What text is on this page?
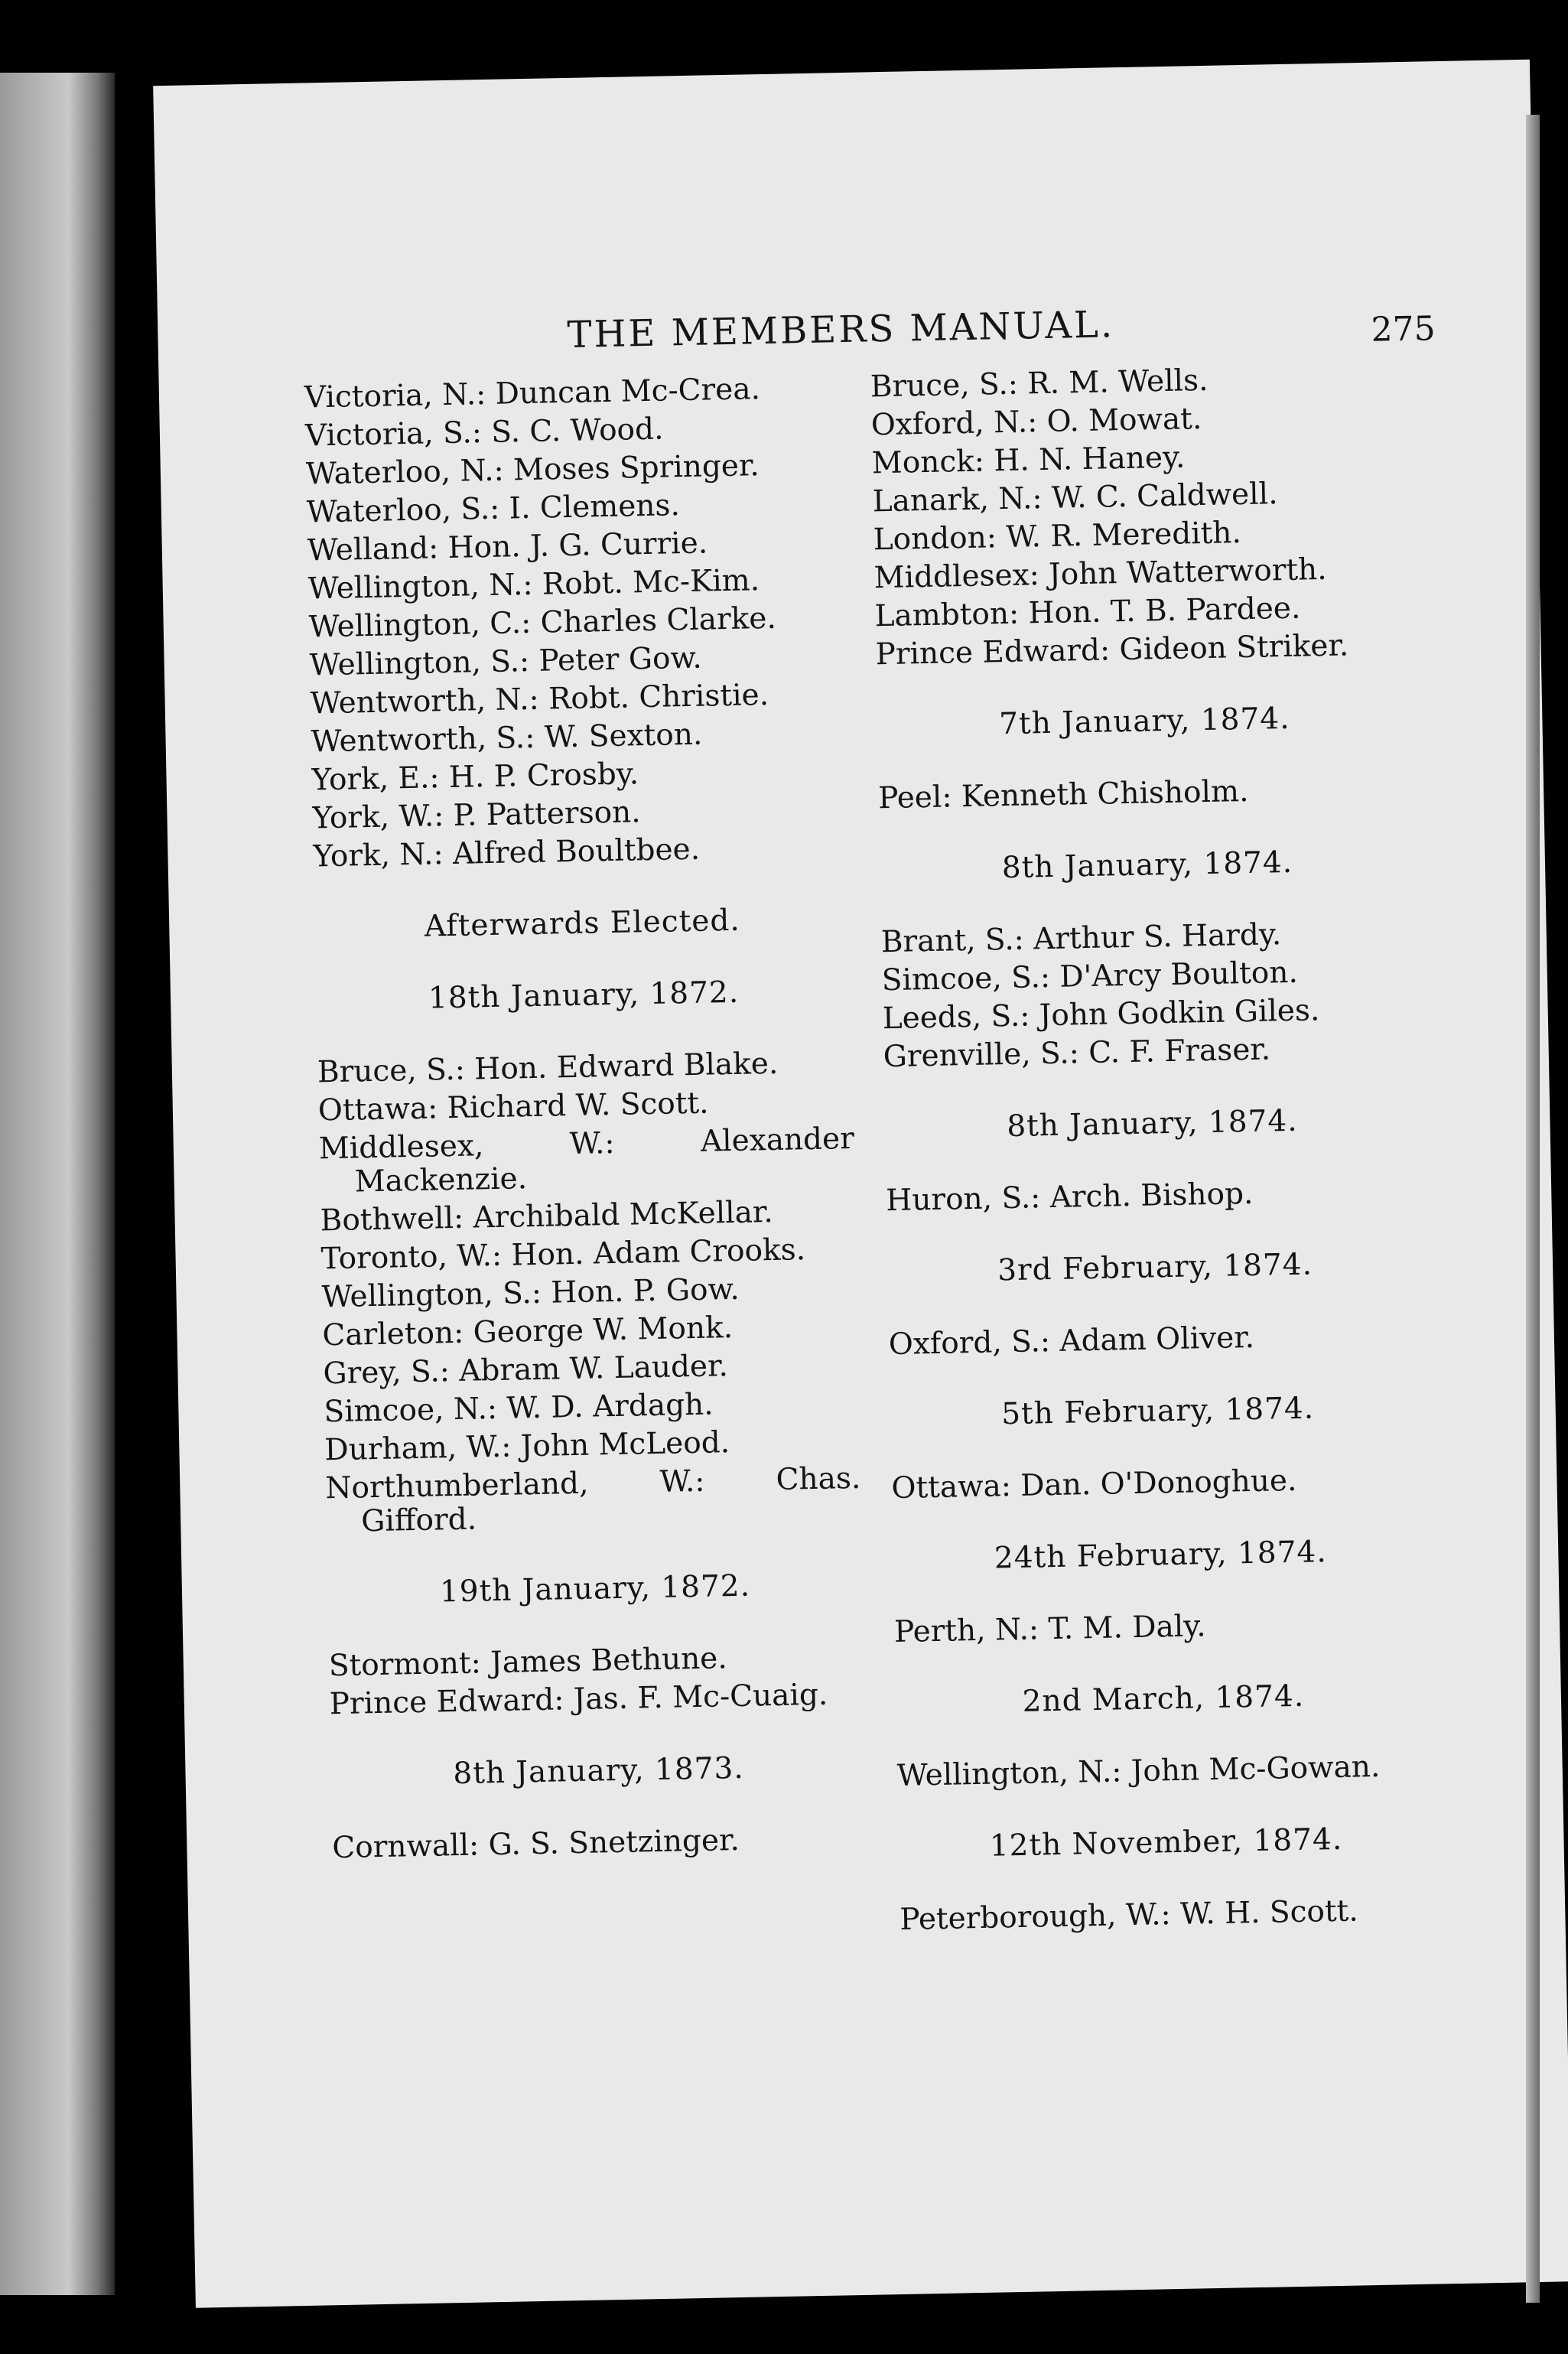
THE MEMBERS MANUAL.	275
Victoria, N.: Duncan Mc-Crea.
Victoria, S.: S. C. Wood.
Waterloo, N.: Moses Springer.
Waterloo, S.: I. Clemens.
Welland: Hon. J. G. Currie.
Wellington, N.: Robt. Mc-Kim.
Wellington, C.: Charles Clarke.
Wellington, S.: Peter Gow.
Wentworth, N.: Robt. Christie.
Wentworth, S.: W. Sexton.
York, E.: H. P. Crosby.
York, W.: P. Patterson.
York, N.: Alfred Boultbee.
Afterwards Elected.
18th January, 1872.
Bruce, S.: Hon. Edward Blake.
Ottawa: Richard W. Scott.
Middlesex, W.: Alexander Mackenzie.
Bothwell: Archibald McKellar.
Toronto, W.: Hon. Adam Crooks.
Wellington, S.: Hon. P. Gow.
Carleton: George W. Monk.
Grey, S.: Abram W. Lauder.
Simcoe, N.: W. D. Ardagh.
Durham, W.: John McLeod.
Northumberland, W.: Chas. Gifford.
19th January, 1872.
Stormont: James Bethune.
Prince Edward: Jas. F. Mc-Cuaig.
8th January, 1873.
Cornwall: G. S. Snetzinger.
Bruce, S.: R. M. Wells.
Oxford, N.: O. Mowat.
Monck: H. N. Haney.
Lanark, N.: W. C. Caldwell.
London: W. R. Meredith.
Middlesex: John Watterworth.
Lambton: Hon. T. B. Pardee.
Prince Edward: Gideon Striker.
7th January, 1874.
Peel: Kenneth Chisholm.
8th January, 1874.
Brant, S.: Arthur S. Hardy.
Simcoe, S.: D'Arcy Boulton.
Leeds, S.: John Godkin Giles.
Grenville, S.: C. F. Fraser.
8th January, 1874.
Huron, S.: Arch. Bishop.
3rd February, 1874.
Oxford, S.: Adam Oliver.
5th February, 1874.
Ottawa: Dan. O'Donoghue.
24th February, 1874.
Perth, N.: T. M. Daly.
2nd March, 1874.
Wellington, N.: John Mc-Gowan.
12th November, 1874.
Peterborough, W.: W. H. Scott.
